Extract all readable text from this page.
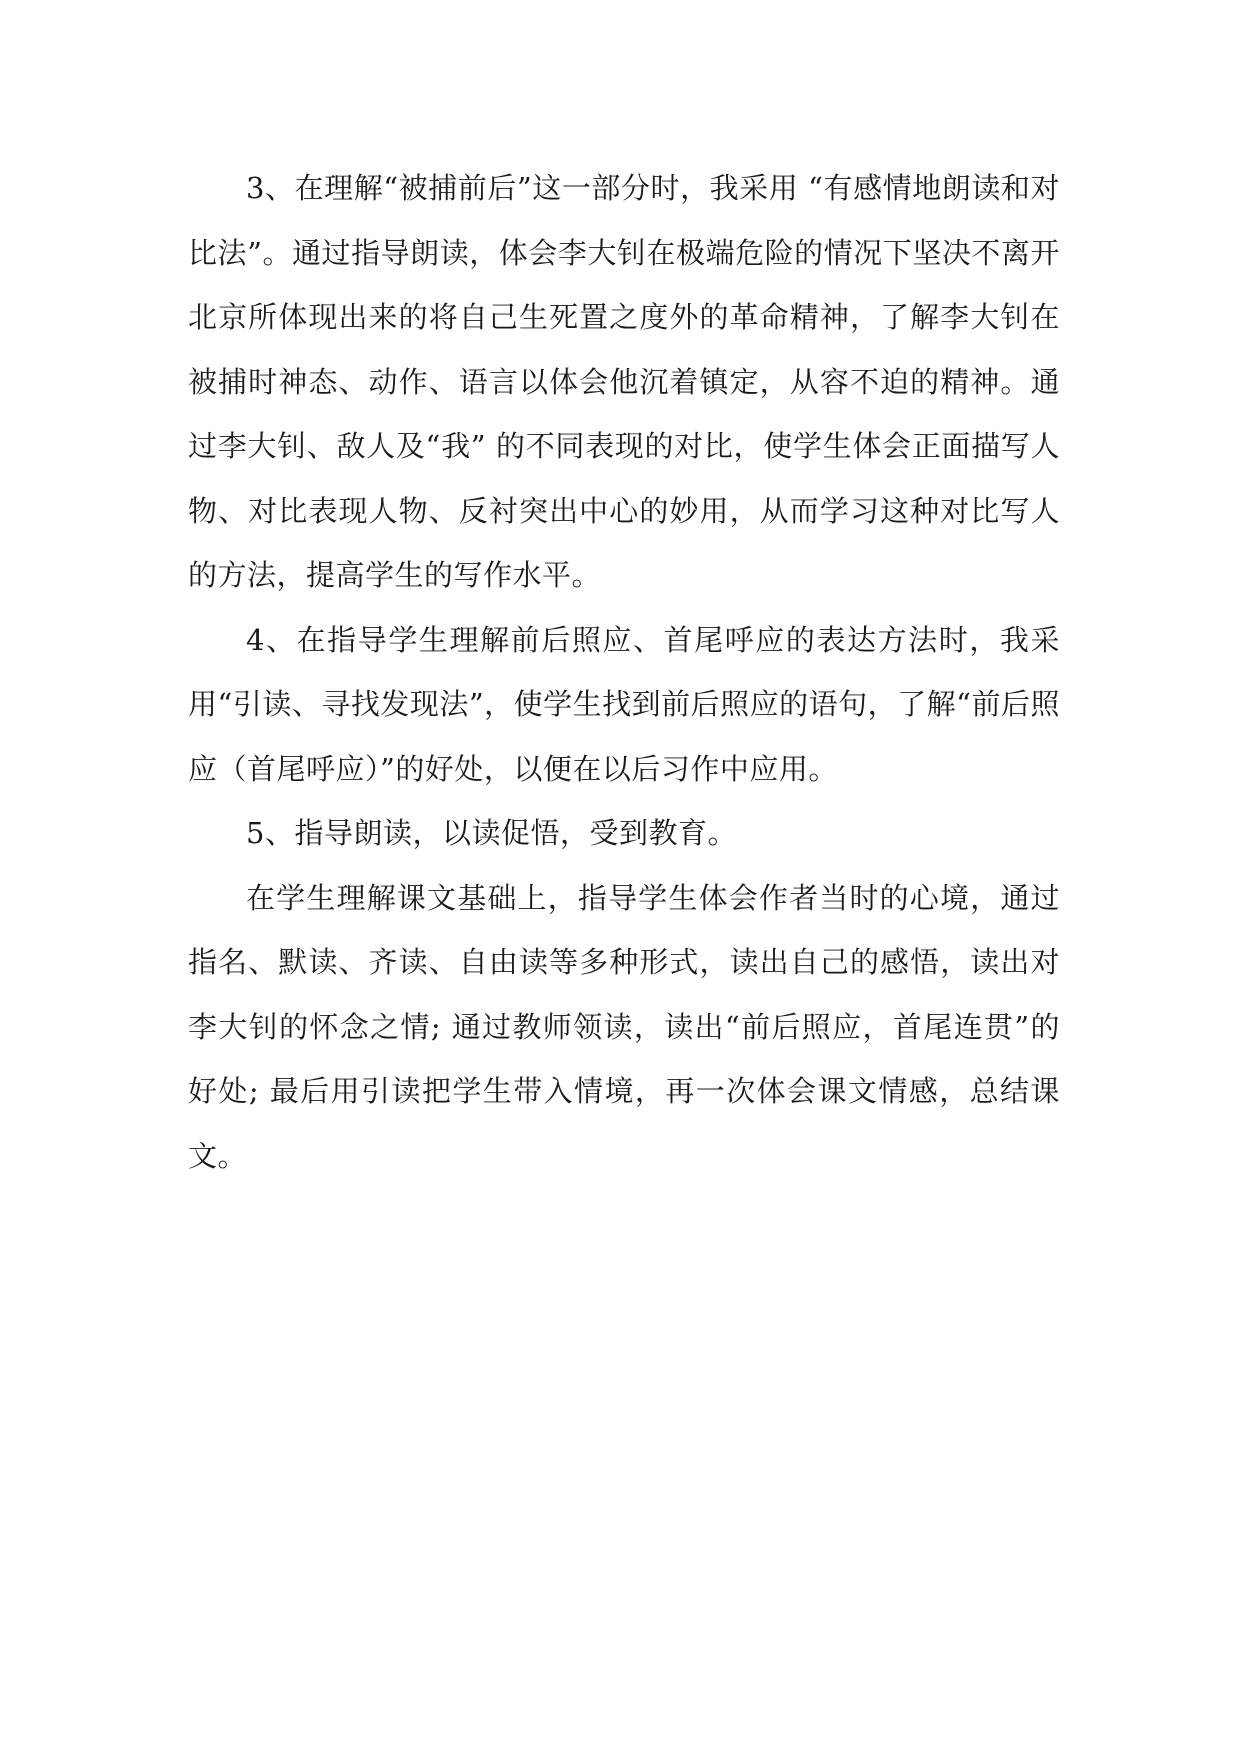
3、在理解“被捕前后”这一部分时，我采用 “有感情地朗读和对比法”。通过指导朗读，体会李大钊在极端危险的情况下坚决不离开北京所体现出来的将自己生死置之度外的革命精神，了解李大钊在被捕时神态、动作、语言以体会他沉着镇定，从容不迫的精神。通过李大钊、敌人及“我” 的不同表现的对比，使学生体会正面描写人物、对比表现人物、反衬突出中心的妙用，从而学习这种对比写人的方法，提高学生的写作水平。

4、在指导学生理解前后照应、首尾呼应的表达方法时，我采用“引读、寻找发现法”，使学生找到前后照应的语句，了解“前后照应（首尾呼应）”的好处，以便在以后习作中应用。

5、指导朗读，以读促悟，受到教育。

在学生理解课文基础上，指导学生体会作者当时的心境，通过指名、默读、齐读、自由读等多种形式，读出自己的感悟，读出对李大钊的怀念之情; 通过教师领读，读出“前后照应，首尾连贯”的好处; 最后用引读把学生带入情境，再一次体会课文情感，总结课文。
